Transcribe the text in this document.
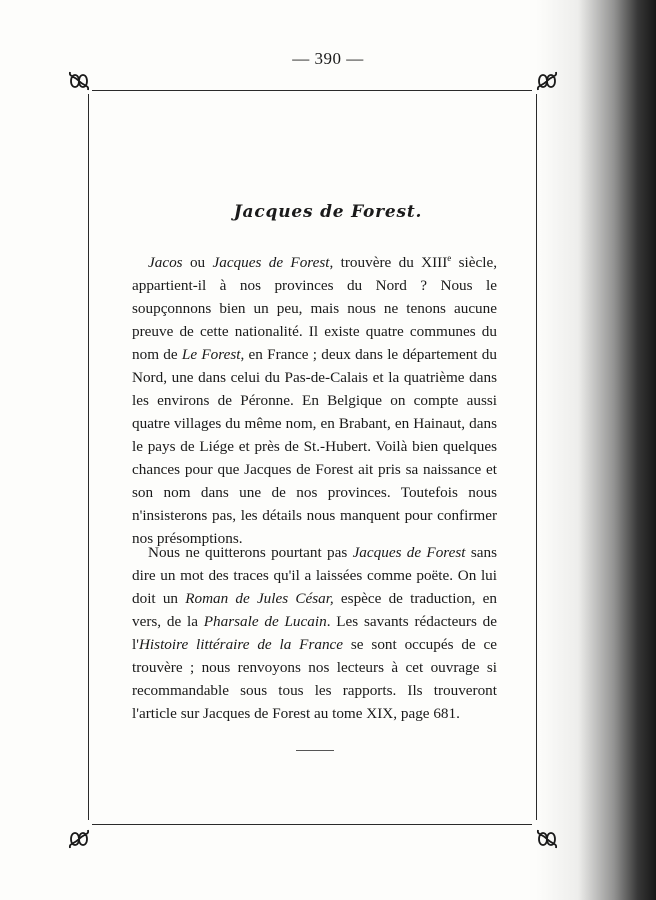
— 390 —
Jacques de Forest.

Jacos ou Jacques de Forest, trouvère du XIIIe siècle, appartient-il à nos provinces du Nord ? Nous le soupçonnons bien un peu, mais nous ne tenons aucune preuve de cette nationalité. Il existe quatre communes du nom de Le Forest, en France ; deux dans le département du Nord, une dans celui du Pas-de-Calais et la quatrième dans les environs de Péronne. En Belgique on compte aussi quatre villages du même nom, en Brabant, en Hainaut, dans le pays de Liége et près de St.-Hubert. Voilà bien quelques chances pour que Jacques de Forest ait pris sa naissance et son nom dans une de nos provinces. Toutefois nous n'insisterons pas, les détails nous manquent pour confirmer nos présomptions.

Nous ne quitterons pourtant pas Jacques de Forest sans dire un mot des traces qu'il a laissées comme poëte. On lui doit un Roman de Jules César, espèce de traduction, en vers, de la Pharsale de Lucain. Les savants rédacteurs de l'Histoire littéraire de la France se sont occupés de ce trouvère ; nous renvoyons nos lecteurs à cet ouvrage si recommandable sous tous les rapports. Ils trouveront l'article sur Jacques de Forest au tome XIX, page 681.
